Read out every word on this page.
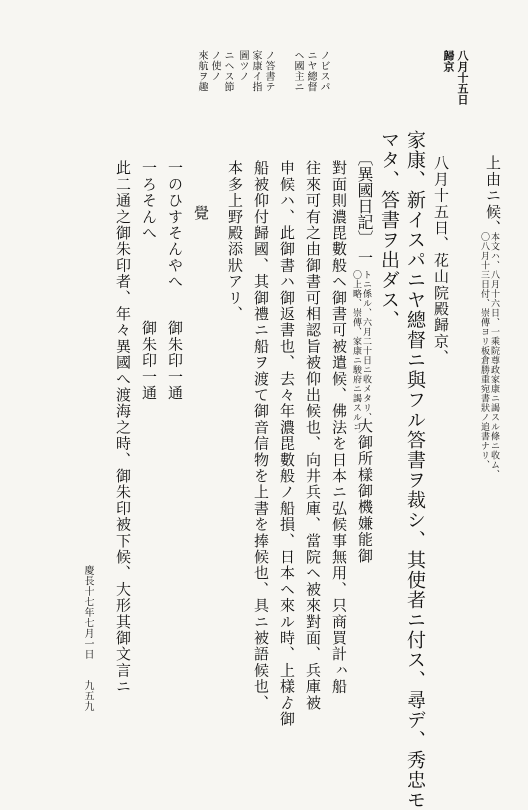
八月十五日
歸京
ノビスパ
ニヤ總督
ヘ國主ニ
ノ答書テ
家康イ指
圖ツノ
ニヘス節
ノ使ノ
來航ヲ趣
上由ニ候、
〇八月十三日付、崇傳ヨリ板倉勝重宛書狀ノ追書ナリ、 本文ハ、八月十六日、一乘院尊政家康ニ謁スル條ニ收ム、
八月十五日、花山院殿歸京、
家康、新イスパニヤ總督ニ與フル答書ヲ裁シ、其使者ニ付ス、尋デ、秀忠モ
マタ、答書ヲ出ダス、
〔異國日記〕
一
〇上略、崇傳、家康ニ駿府ニ謁スルコ トニ係ル、六月二十日ニ收メタリ、
大御所樣御機嫌能御
對面則濃毘數般ヘ御書可被遣候、佛法を日本ニ弘候事無用、只商買計ㇵ船
往來可有之由御書可相認旨被仰出候也、向井兵庫、當院ヘ被來對面、兵庫被
申候ハ、此御書ハ御返書也、去々年濃毘數般ノ船損、日本ヘ來ル時、上樣ゟ御
船被仰付歸國、其御禮ニ船ヲ渡て御音信物を上書を捧候也、具ニ被語候也、
本多上野殿添狀アリ、
覺
一のひすそんやへ
御朱印一通
一ろそんへ
御朱印一通
此二通之御朱印者、年々異國へ渡海之時、御朱印被下候、大形其御文言ニ
慶長十七年七月一日
九五九
